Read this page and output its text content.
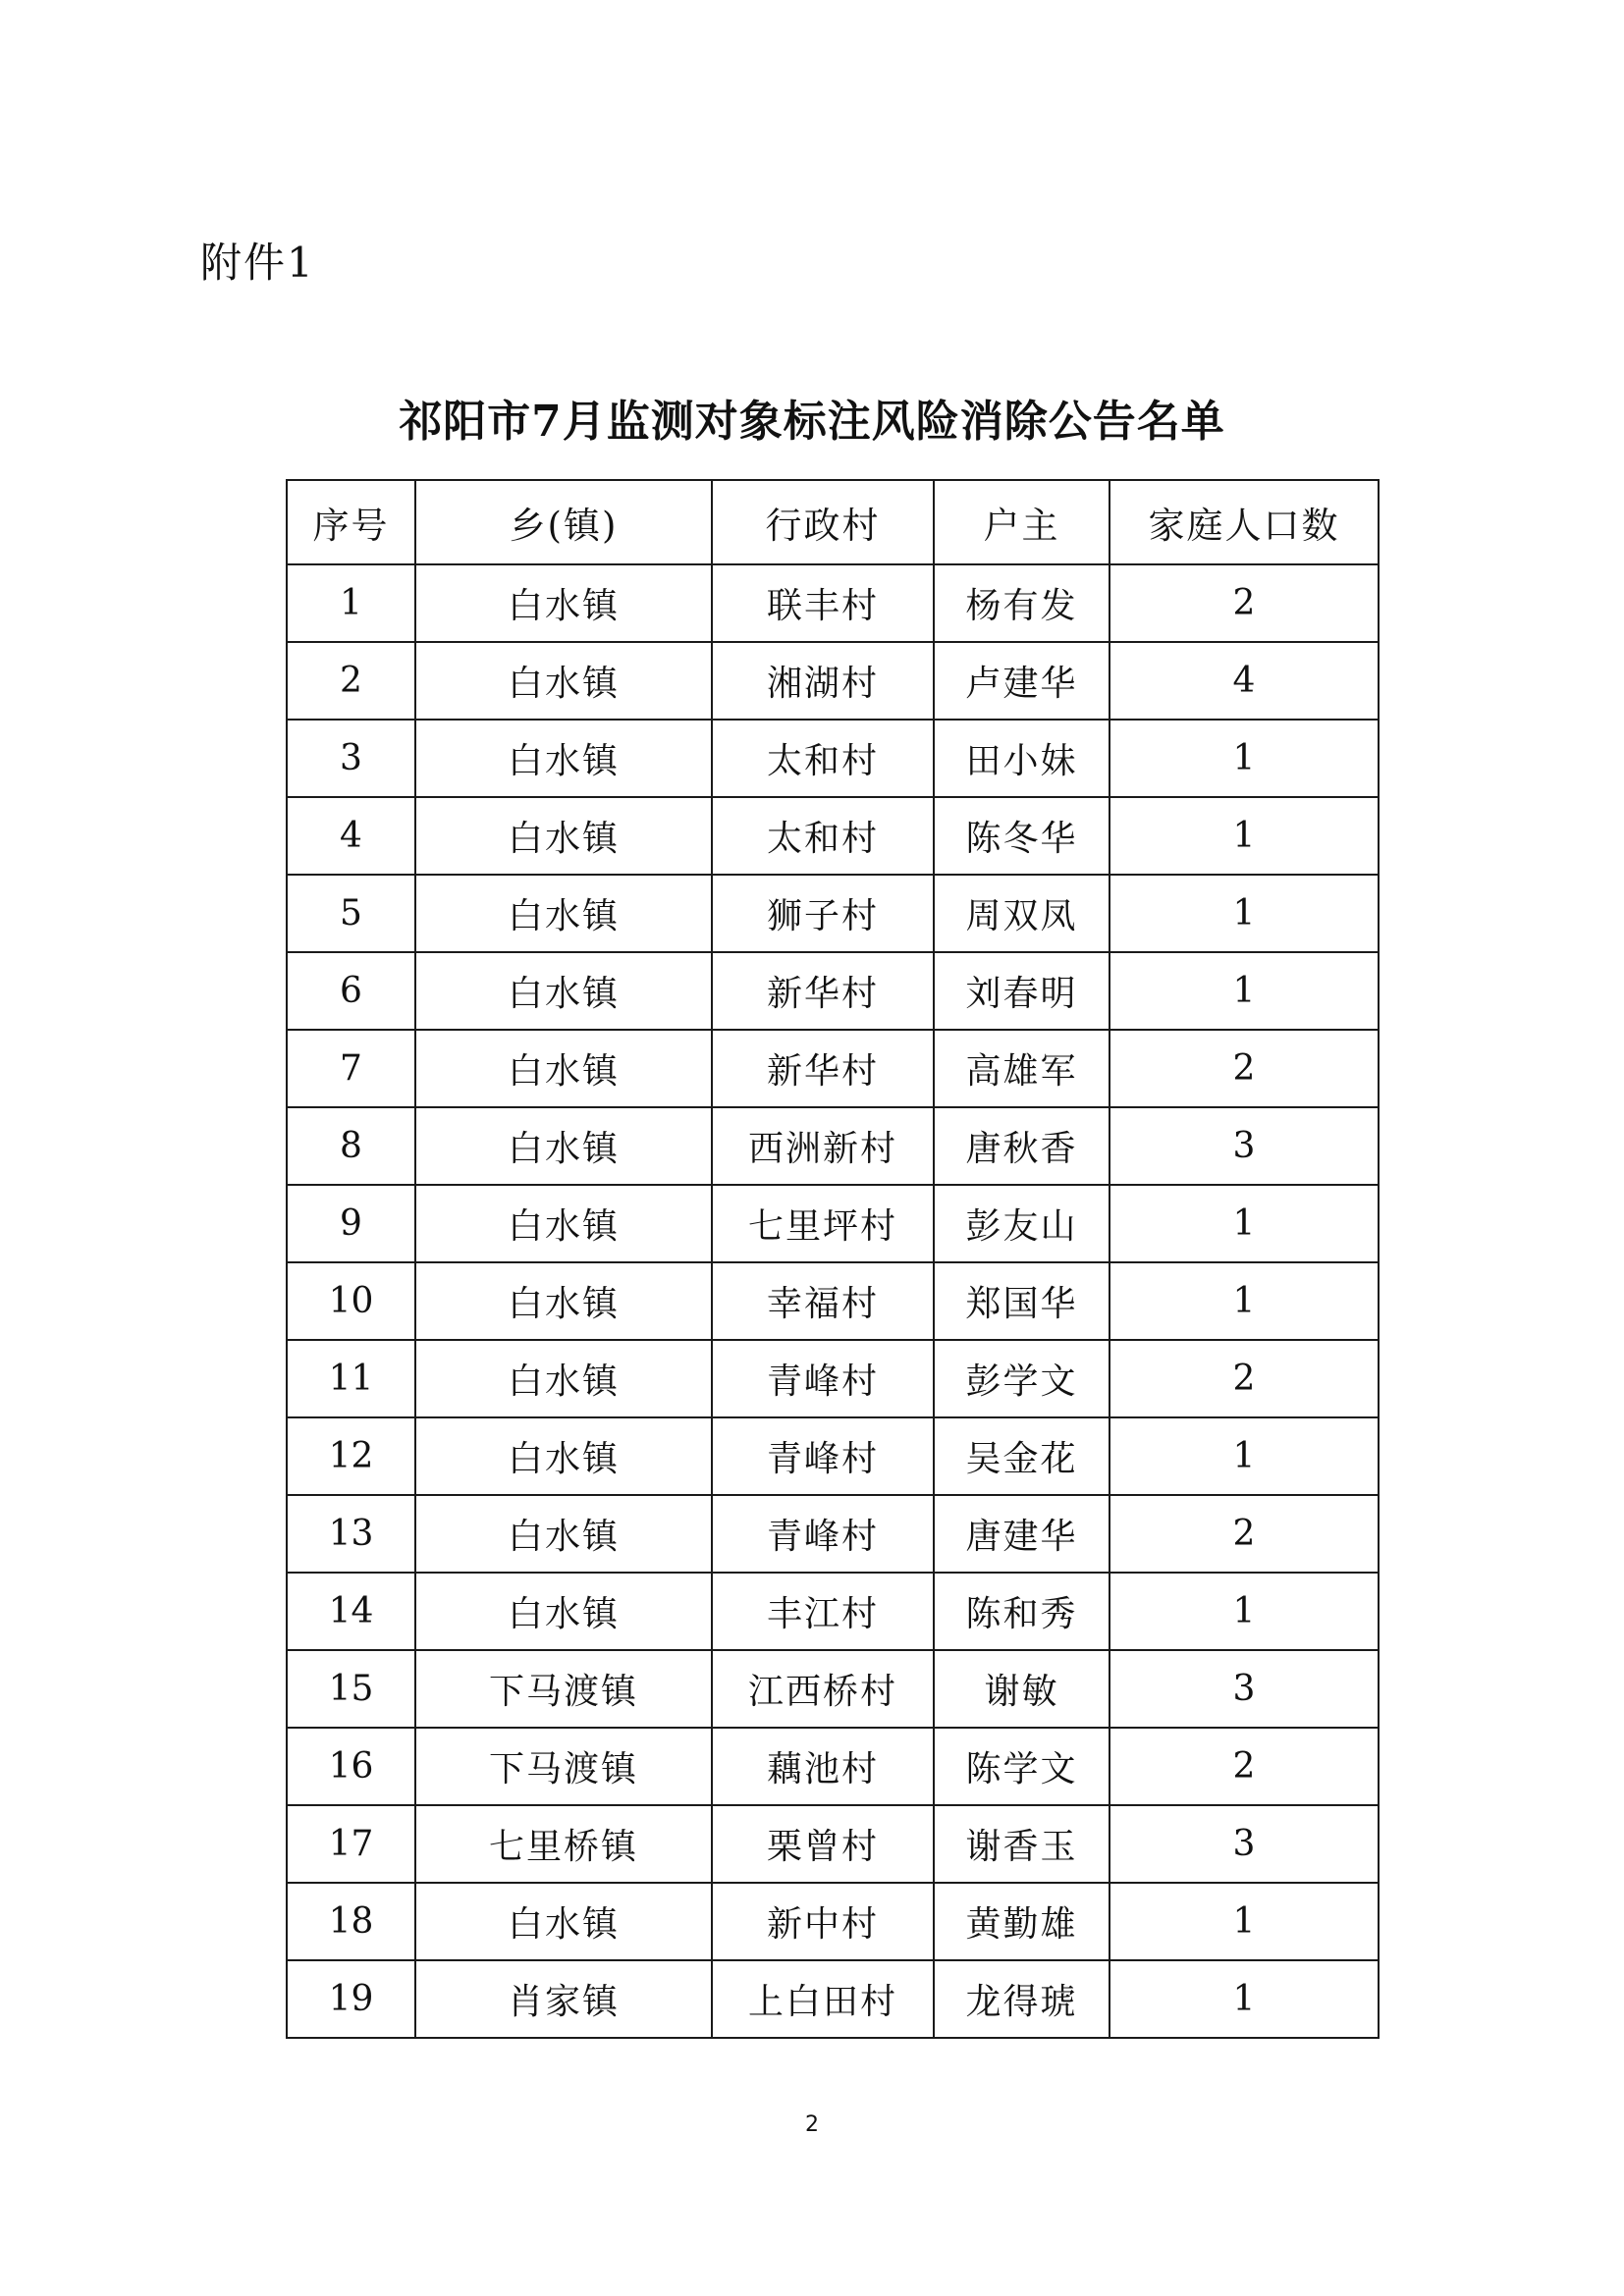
附件1
祁阳市7月监测对象标注风险消除公告名单
序号	乡(镇)	行政村	户主	家庭人口数
1	白水镇	联丰村	杨有发	2
2	白水镇	湘湖村	卢建华	4
3	白水镇	太和村	田小妹	1
4	白水镇	太和村	陈冬华	1
5	白水镇	狮子村	周双凤	1
6	白水镇	新华村	刘春明	1
7	白水镇	新华村	高雄军	2
8	白水镇	西洲新村	唐秋香	3
9	白水镇	七里坪村	彭友山	1
10	白水镇	幸福村	郑国华	1
11	白水镇	青峰村	彭学文	2
12	白水镇	青峰村	吴金花	1
13	白水镇	青峰村	唐建华	2
14	白水镇	丰江村	陈和秀	1
15	下马渡镇	江西桥村	谢敏	3
16	下马渡镇	藕池村	陈学文	2
17	七里桥镇	栗曾村	谢香玉	3
18	白水镇	新中村	黄勤雄	1
19	肖家镇	上白田村	龙得琥	1
2
